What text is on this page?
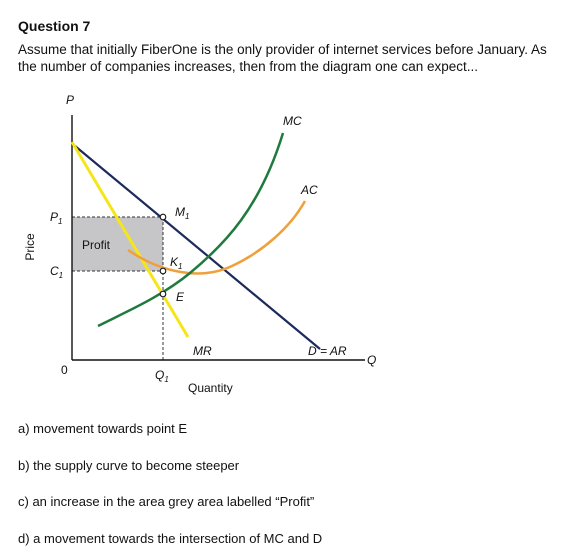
Question 7
Assume that initially FiberOne is the only provider of internet services before January. As the number of companies increases, then from the diagram one can expect...
P
Q
Price
Quantity
0
$P_1$
$C_1$
$Q_1$
$M_1$
$K_1$
E
Profit
MC
AC
MR	D = AR
a) movement towards point E
b) the supply curve to become steeper
c) an increase in the area grey area labelled “Profit”
d) a movement towards the intersection of MC and D
